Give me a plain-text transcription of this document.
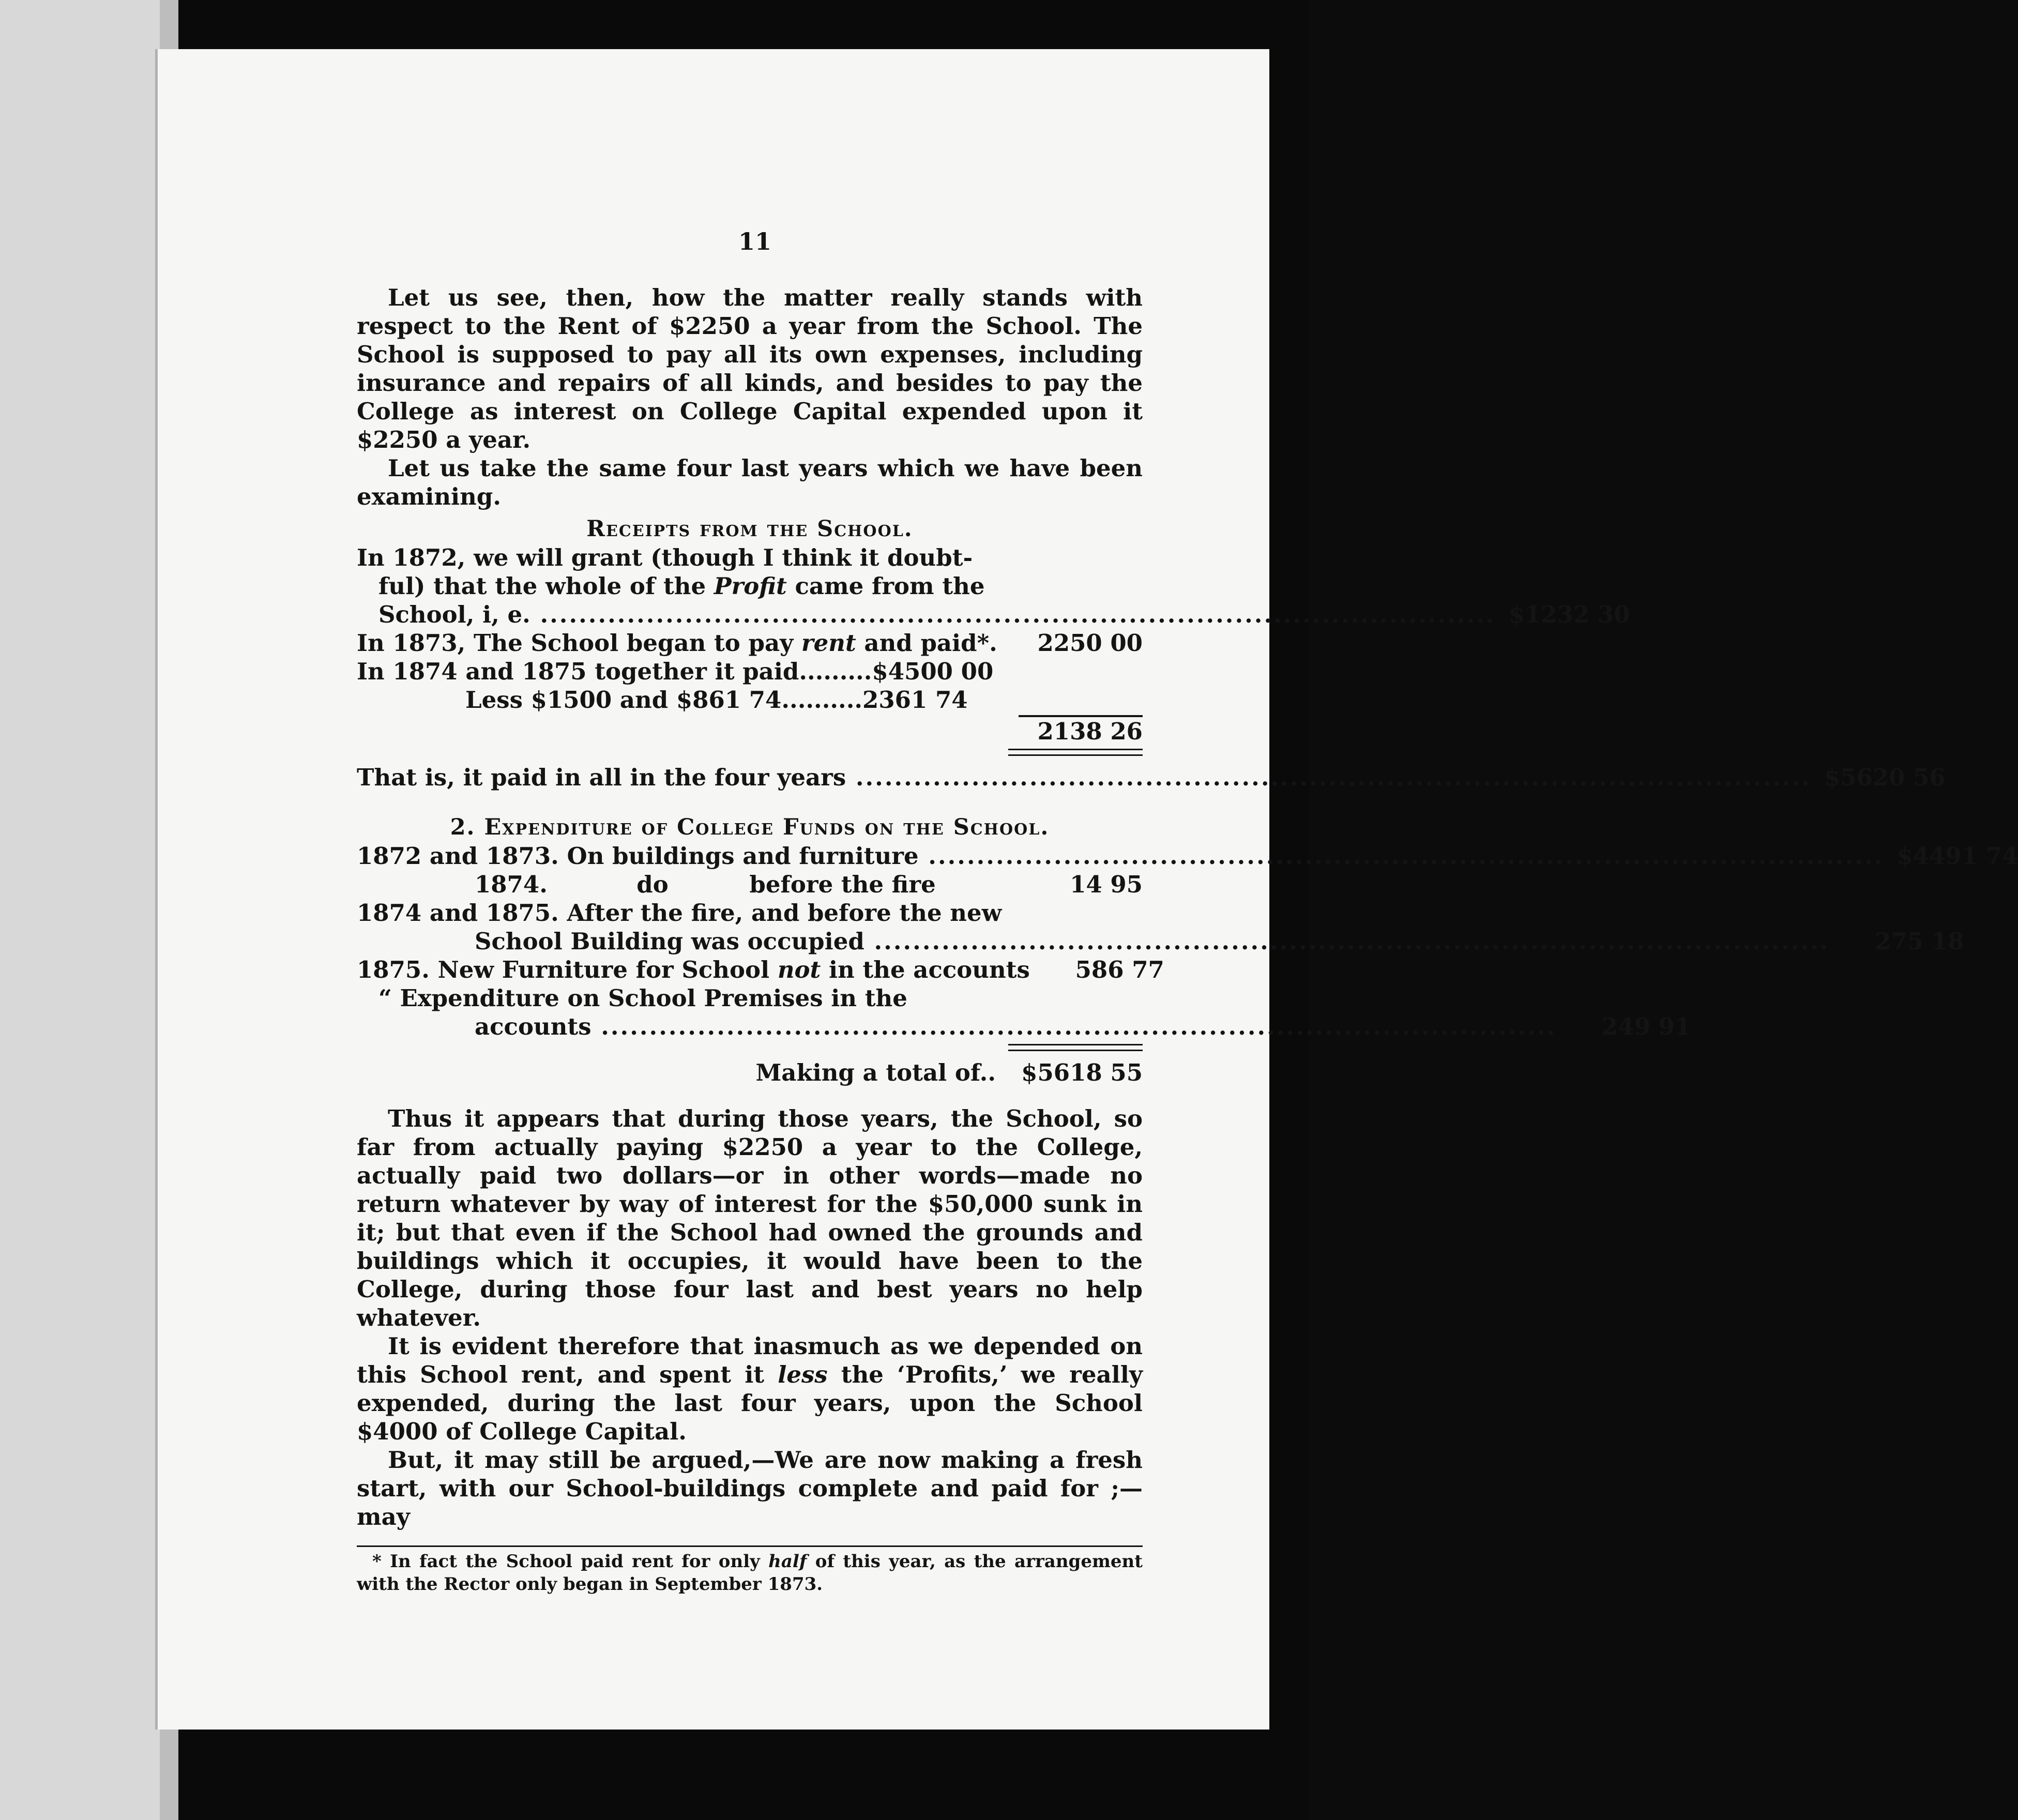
11

Let us see, then, how the matter really stands with respect to the Rent of $2250 a year from the School. The School is supposed to pay all its own expenses, including insurance and repairs of all kinds, and besides to pay the College as interest on College Capital expended upon it $2250 a year.

Let us take the same four last years which we have been examining.

Receipts from the School.
In 1872, we will grant (though I think it doubt-
ful) that the whole of the Profit came from the
School, i, e. .....	$1232 30
In 1873, The School began to pay rent and paid*.	2250 00
In 1874 and 1875 together it paid......... $4500 00
Less $1500 and $861 74.......... 2361 74
2138 26
That is, it paid in all in the four years .....	$5620 56
2. Expenditure of College Funds on the School.
1872 and 1873. On buildings and furniture .....	$4491 74
1874.           do          before the fire	14 95
1874 and 1875. After the fire, and before the new
School Building was occupied .....	275 18
1875. New Furniture for School not in the accounts	586 77
“ Expenditure on School Premises in the
accounts .....	249 91
Making a total of..	$5618 55

Thus it appears that during those years, the School, so far from actually paying $2250 a year to the College, actually paid two dollars—or in other words—made no return whatever by way of interest for the $50,000 sunk in it; but that even if the School had owned the grounds and buildings which it occupies, it would have been to the College, during those four last and best years no help whatever.

It is evident therefore that inasmuch as we depended on this School rent, and spent it less the ‘Profits,’ we really expended, during the last four years, upon the School $4000 of College Capital.

But, it may still be argued,—We are now making a fresh start, with our School-buildings complete and paid for ;—may

* In fact the School paid rent for only half of this year, as the arrangement with the Rector only began in September 1873.
